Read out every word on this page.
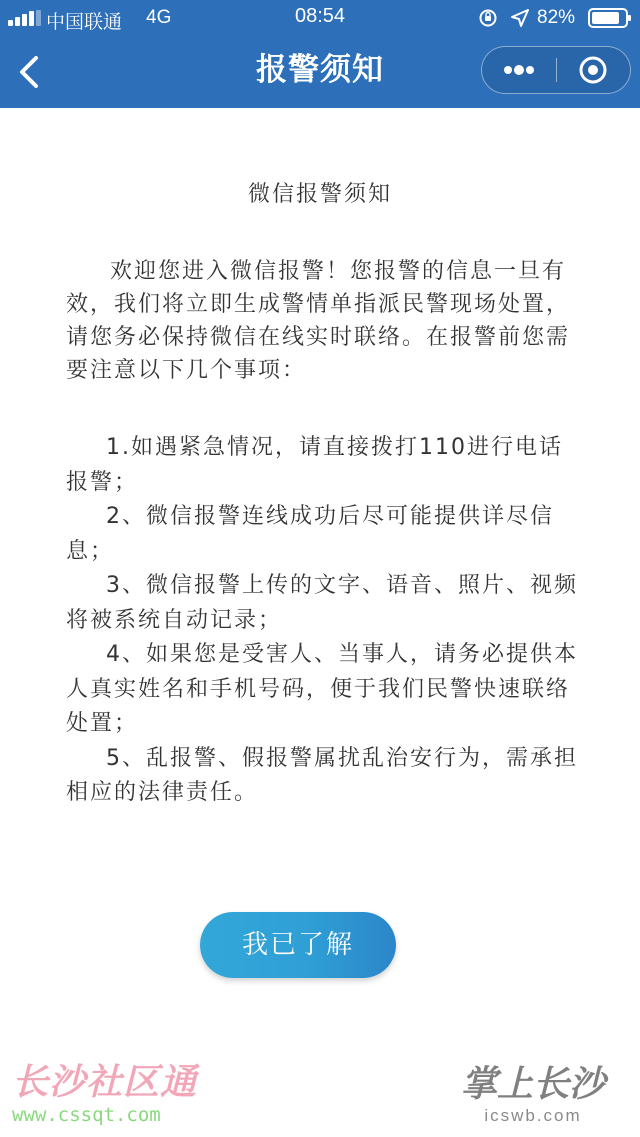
中国联通 4G	08:54	82%
报警须知
微信报警须知

欢迎您进入微信报警！您报警的信息一旦有效，我们将立即生成警情单指派民警现场处置，请您务必保持微信在线实时联络。在报警前您需要注意以下几个事项：

1.如遇紧急情况，请直接拨打110进行电话报警；

2、微信报警连线成功后尽可能提供详尽信息；

3、微信报警上传的文字、语音、照片、视频将被系统自动记录；

4、如果您是受害人、当事人，请务必提供本人真实姓名和手机号码，便于我们民警快速联络处置；

5、乱报警、假报警属扰乱治安行为，需承担相应的法律责任。

我已了解
长沙社区通
www.cssqt.com
掌上长沙
icswb.com
